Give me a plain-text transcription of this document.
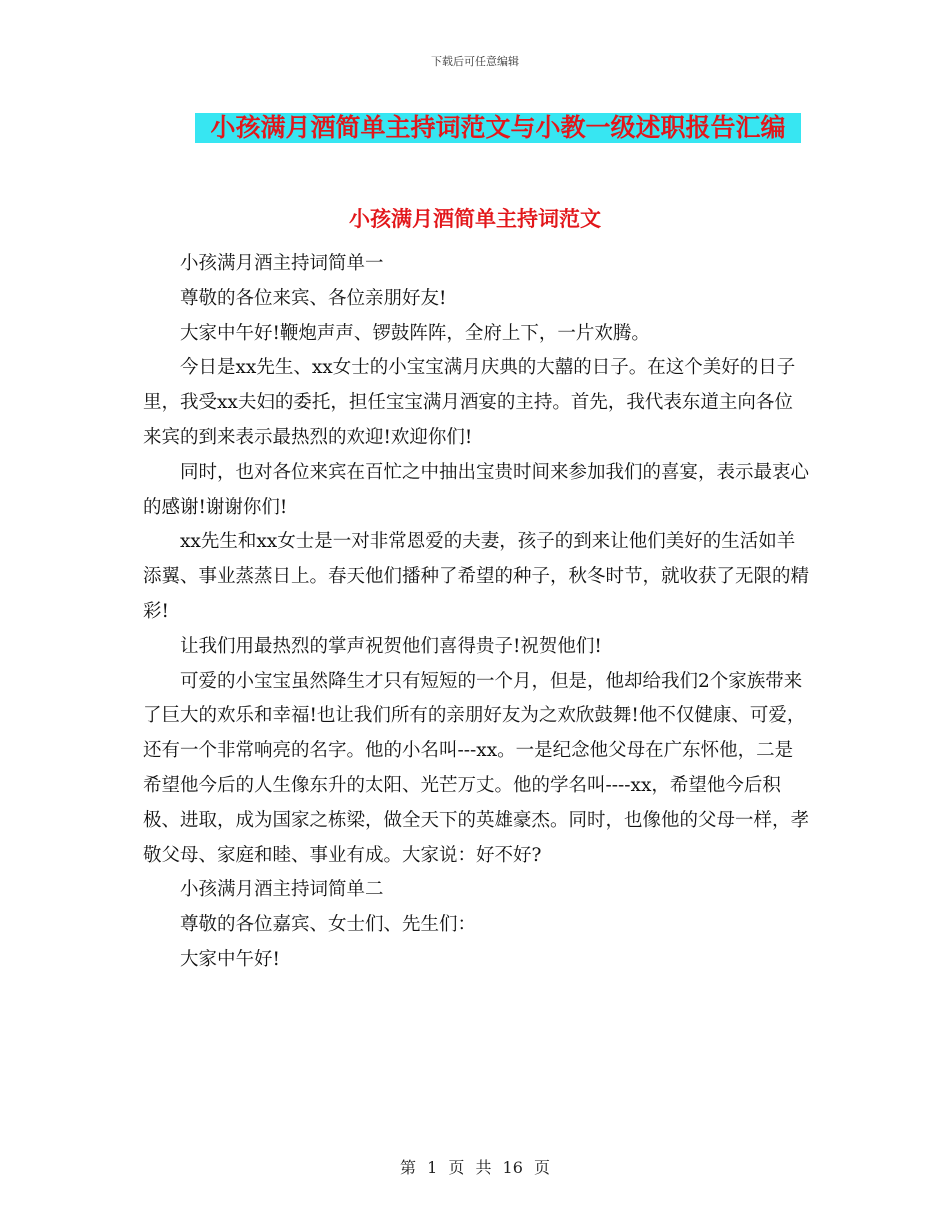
下载后可任意编辑
小孩满月酒简单主持词范文与小教一级述职报告汇编
小孩满月酒简单主持词范文

小孩满月酒主持词简单一

尊敬的各位来宾、各位亲朋好友!

大家中午好!鞭炮声声、锣鼓阵阵，全府上下，一片欢腾。

今日是xx先生、xx女士的小宝宝满月庆典的大囍的日子。在这个美好的日子里，我受xx夫妇的委托，担任宝宝满月酒宴的主持。首先，我代表东道主向各位来宾的到来表示最热烈的欢迎!欢迎你们!

同时，也对各位来宾在百忙之中抽出宝贵时间来参加我们的喜宴，表示最衷心的感谢!谢谢你们!

xx先生和xx女士是一对非常恩爱的夫妻，孩子的到来让他们美好的生活如羊添翼、事业蒸蒸日上。春天他们播种了希望的种子，秋冬时节，就收获了无限的精彩!

让我们用最热烈的掌声祝贺他们喜得贵子!祝贺他们!

可爱的小宝宝虽然降生才只有短短的一个月，但是，他却给我们2个家族带来了巨大的欢乐和幸福!也让我们所有的亲朋好友为之欢欣鼓舞!他不仅健康、可爱，还有一个非常响亮的名字。他的小名叫---xx。一是纪念他父母在广东怀他，二是希望他今后的人生像东升的太阳、光芒万丈。他的学名叫----xx，希望他今后积极、进取，成为国家之栋梁，做全天下的英雄豪杰。同时，也像他的父母一样，孝敬父母、家庭和睦、事业有成。大家说：好不好?

小孩满月酒主持词简单二

尊敬的各位嘉宾、女士们、先生们：

大家中午好!

第 1 页 共 16 页
